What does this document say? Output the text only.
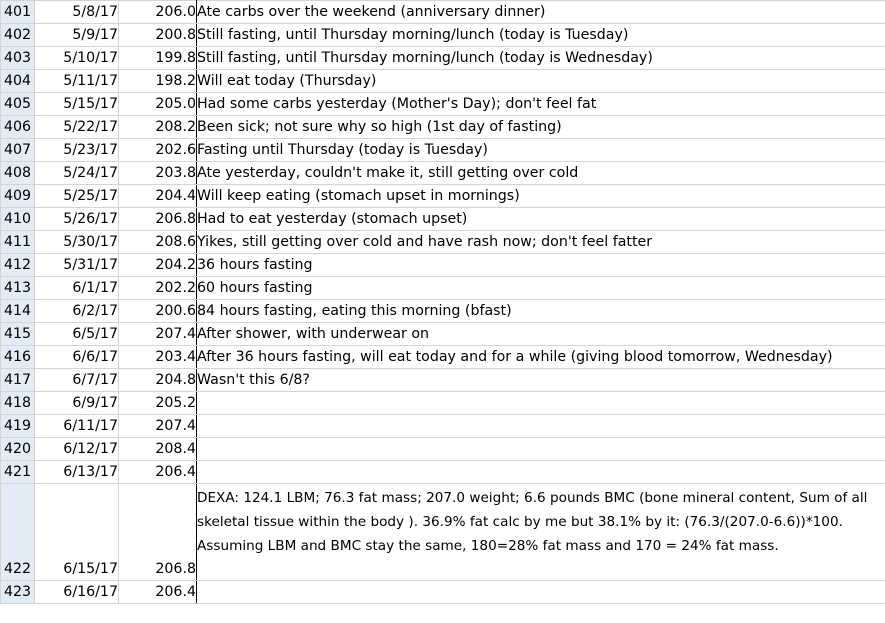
401	5/8/17	206.0	Ate carbs over the weekend (anniversary dinner)
402	5/9/17	200.8	Still fasting, until Thursday morning/lunch (today is Tuesday)
403	5/10/17	199.8	Still fasting, until Thursday morning/lunch (today is Wednesday)
404	5/11/17	198.2	Will eat today (Thursday)
405	5/15/17	205.0	Had some carbs yesterday (Mother's Day); don't feel fat
406	5/22/17	208.2	Been sick; not sure why so high (1st day of fasting)
407	5/23/17	202.6	Fasting until Thursday (today is Tuesday)
408	5/24/17	203.8	Ate yesterday, couldn't make it, still getting over cold
409	5/25/17	204.4	Will keep eating (stomach upset in mornings)
410	5/26/17	206.8	Had to eat yesterday (stomach upset)
411	5/30/17	208.6	Yikes, still getting over cold and have rash now; don't feel fatter
412	5/31/17	204.2	36 hours fasting
413	6/1/17	202.2	60 hours fasting
414	6/2/17	200.6	84 hours fasting, eating this morning (bfast)
415	6/5/17	207.4	After shower, with underwear on
416	6/6/17	203.4	After 36 hours fasting, will eat today and for a while (giving blood tomorrow, Wednesday)
417	6/7/17	204.8	Wasn't this 6/8?
418	6/9/17	205.2	
419	6/11/17	207.4	
420	6/12/17	208.4	
421	6/13/17	206.4	
422	6/15/17	206.8	DEXA: 124.1 LBM; 76.3 fat mass; 207.0 weight; 6.6 pounds BMC (bone mineral content, Sum of all skeletal tissue within the body ). 36.9% fat calc by me but 38.1% by it: (76.3/(207.0-6.6))*100. Assuming LBM and BMC stay the same, 180=28% fat mass and 170 = 24% fat mass.
423	6/16/17	206.4	
